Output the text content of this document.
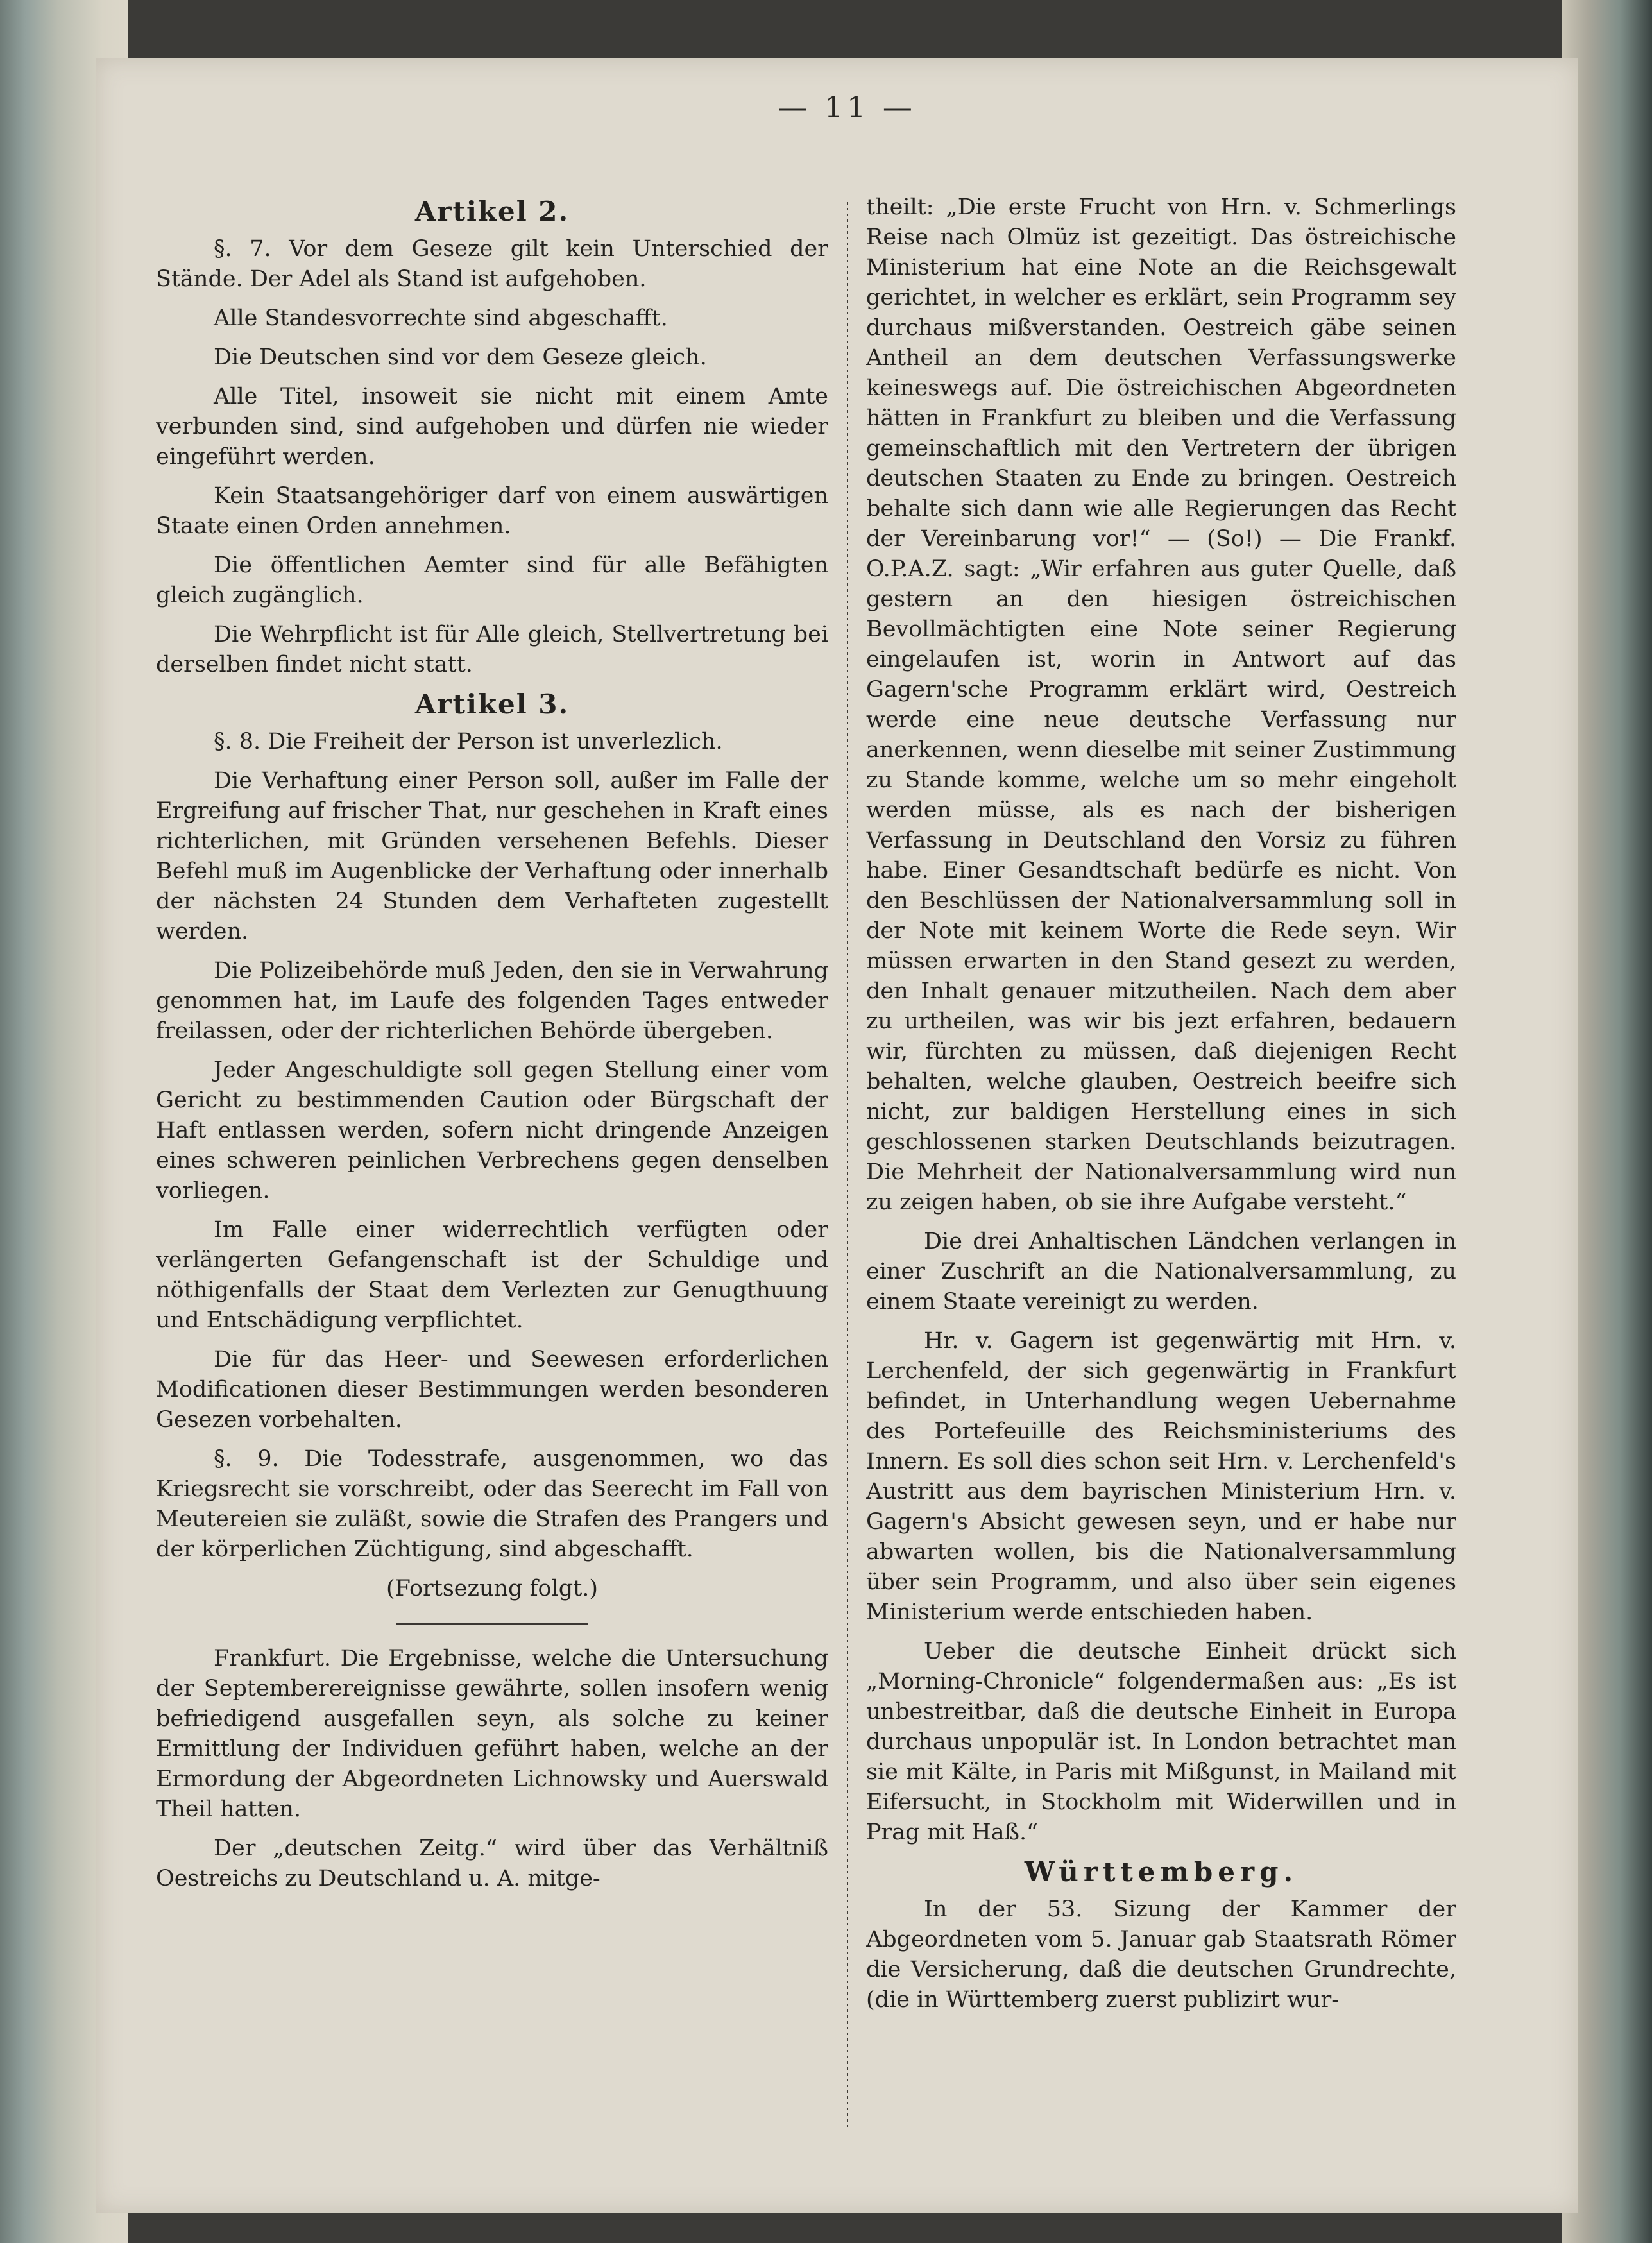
— 11 —
Artikel 2.

§. 7. Vor dem Geseze gilt kein Unterschied der Stände. Der Adel als Stand ist aufgehoben.

Alle Standesvorrechte sind abgeschafft.

Die Deutschen sind vor dem Geseze gleich.

Alle Titel, insoweit sie nicht mit einem Amte verbunden sind, sind aufgehoben und dürfen nie wieder eingeführt werden.

Kein Staatsangehöriger darf von einem auswärtigen Staate einen Orden annehmen.

Die öffentlichen Aemter sind für alle Befähigten gleich zugänglich.

Die Wehrpflicht ist für Alle gleich, Stellvertretung bei derselben findet nicht statt.

Artikel 3.

§. 8. Die Freiheit der Person ist unverlezlich.

Die Verhaftung einer Person soll, außer im Falle der Ergreifung auf frischer That, nur geschehen in Kraft eines richterlichen, mit Gründen versehenen Befehls. Dieser Befehl muß im Augenblicke der Verhaftung oder innerhalb der nächsten 24 Stunden dem Verhafteten zugestellt werden.

Die Polizeibehörde muß Jeden, den sie in Verwahrung genommen hat, im Laufe des folgenden Tages entweder freilassen, oder der richterlichen Behörde übergeben.

Jeder Angeschuldigte soll gegen Stellung einer vom Gericht zu bestimmenden Caution oder Bürgschaft der Haft entlassen werden, sofern nicht dringende Anzeigen eines schweren peinlichen Verbrechens gegen denselben vorliegen.

Im Falle einer widerrechtlich verfügten oder verlängerten Gefangenschaft ist der Schuldige und nöthigenfalls der Staat dem Verlezten zur Genugthuung und Entschädigung verpflichtet.

Die für das Heer- und Seewesen erforderlichen Modificationen dieser Bestimmungen werden besonderen Gesezen vorbehalten.

§. 9. Die Todesstrafe, ausgenommen, wo das Kriegsrecht sie vorschreibt, oder das Seerecht im Fall von Meutereien sie zuläßt, sowie die Strafen des Prangers und der körperlichen Züchtigung, sind abgeschafft.

(Fortsezung folgt.)

Frankfurt. Die Ergebnisse, welche die Untersuchung der Septemberereignisse gewährte, sollen insofern wenig befriedigend ausgefallen seyn, als solche zu keiner Ermittlung der Individuen geführt haben, welche an der Ermordung der Abgeordneten Lichnowsky und Auerswald Theil hatten.

Der „deutschen Zeitg.“ wird über das Verhältniß Oestreichs zu Deutschland u. A. mitge-

theilt: „Die erste Frucht von Hrn. v. Schmerlings Reise nach Olmüz ist gezeitigt. Das östreichische Ministerium hat eine Note an die Reichsgewalt gerichtet, in welcher es erklärt, sein Programm sey durchaus mißverstanden. Oestreich gäbe seinen Antheil an dem deutschen Verfassungswerke keineswegs auf. Die östreichischen Abgeordneten hätten in Frankfurt zu bleiben und die Verfassung gemeinschaftlich mit den Vertretern der übrigen deutschen Staaten zu Ende zu bringen. Oestreich behalte sich dann wie alle Regierungen das Recht der Vereinbarung vor!“ — (So!) — Die Frankf. O.P.A.Z. sagt: „Wir erfahren aus guter Quelle, daß gestern an den hiesigen östreichischen Bevollmächtigten eine Note seiner Regierung eingelaufen ist, worin in Antwort auf das Gagern'sche Programm erklärt wird, Oestreich werde eine neue deutsche Verfassung nur anerkennen, wenn dieselbe mit seiner Zustimmung zu Stande komme, welche um so mehr eingeholt werden müsse, als es nach der bisherigen Verfassung in Deutschland den Vorsiz zu führen habe. Einer Gesandtschaft bedürfe es nicht. Von den Beschlüssen der Nationalversammlung soll in der Note mit keinem Worte die Rede seyn. Wir müssen erwarten in den Stand gesezt zu werden, den Inhalt genauer mitzutheilen. Nach dem aber zu urtheilen, was wir bis jezt erfahren, bedauern wir, fürchten zu müssen, daß diejenigen Recht behalten, welche glauben, Oestreich beeifre sich nicht, zur baldigen Herstellung eines in sich geschlossenen starken Deutschlands beizutragen. Die Mehrheit der Nationalversammlung wird nun zu zeigen haben, ob sie ihre Aufgabe versteht.“

Die drei Anhaltischen Ländchen verlangen in einer Zuschrift an die Nationalversammlung, zu einem Staate vereinigt zu werden.

Hr. v. Gagern ist gegenwärtig mit Hrn. v. Lerchenfeld, der sich gegenwärtig in Frankfurt befindet, in Unterhandlung wegen Uebernahme des Portefeuille des Reichsministeriums des Innern. Es soll dies schon seit Hrn. v. Lerchenfeld's Austritt aus dem bayrischen Ministerium Hrn. v. Gagern's Absicht gewesen seyn, und er habe nur abwarten wollen, bis die Nationalversammlung über sein Programm, und also über sein eigenes Ministerium werde entschieden haben.

Ueber die deutsche Einheit drückt sich „Morning-Chronicle“ folgendermaßen aus: „Es ist unbestreitbar, daß die deutsche Einheit in Europa durchaus unpopulär ist. In London betrachtet man sie mit Kälte, in Paris mit Mißgunst, in Mailand mit Eifersucht, in Stockholm mit Widerwillen und in Prag mit Haß.“

Württemberg.

In der 53. Sizung der Kammer der Abgeordneten vom 5. Januar gab Staatsrath Römer die Versicherung, daß die deutschen Grundrechte, (die in Württemberg zuerst publizirt wur-
